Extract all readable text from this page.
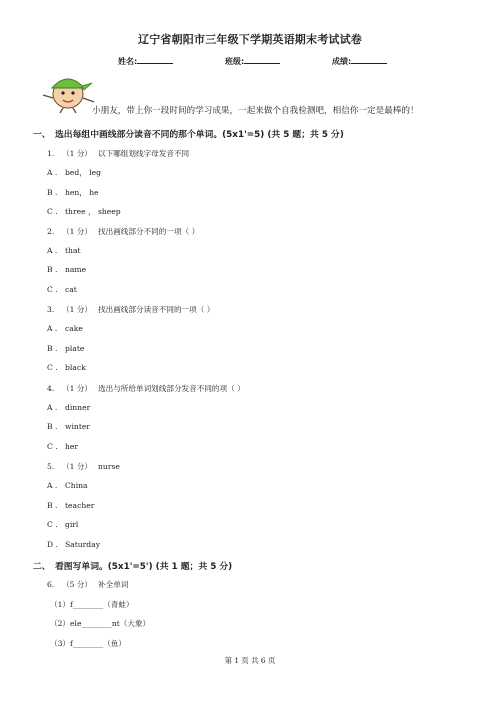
辽宁省朝阳市三年级下学期英语期末考试试卷
姓名:	班级:	成绩:
小朋友，带上你一段时间的学习成果，一起来做个自我检测吧，相信你一定是最棒的！
一、 选出每组中画线部分读音不同的那个单词。(5x1'=5) (共 5 题；共 5 分)
1. （1 分） 以下哪组划线字母发音不同
A . bed， leg
B . hen， he
C . three ， sheep
2. （1 分） 找出画线部分不同的一项（ ）
A . that
B . name
C . cat
3. （1 分） 找出画线部分读音不同的一项（ ）
A . cake
B . plate
C . black
4. （1 分） 选出与所给单词划线部分发音不同的项（ ）
A . dinner
B . winter
C . her
5. （1 分） nurse
A . China
B . teacher
C . girl
D . Saturday
二、 看图写单词。(5x1'=5') (共 1 题；共 5 分)
6. （5 分） 补全单词
（1）f________（青蛙）
（2）ele________nt（大象）
（3）f________（鱼）
第 1 页 共 6 页
